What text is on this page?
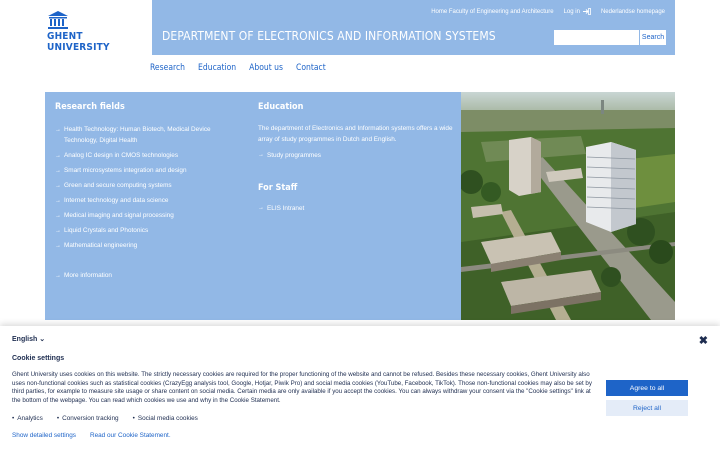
GHENT
UNIVERSITY
Home Faculty of Engineering and Architecture Log in	Nederlandse homepage
DEPARTMENT OF ELECTRONICS AND INFORMATION SYSTEMS	Search
Research Education About us Contact
Research fields
→ Health Technology: Human Biotech, Medical Device Technology, Digital Health
→ Analog IC design in CMOS technologies
→ Smart microsystems integration and design
→ Green and secure computing systems
→ Internet technology and data science
→ Medical imaging and signal processing
→ Liquid Crystals and Photonics
→ Mathematical engineering
→ More information
Education
The department of Electronics and Information systems offers a wide array of study programmes in Dutch and English.
→ Study programmes
For Staff
→ ELIS Intranet
English ⌄	✖
Cookie settings
Ghent University uses cookies on this website. The strictly necessary cookies are required for the proper functioning of the website and cannot be refused. Besides these necessary cookies, Ghent University also uses non-functional cookies such as statistical cookies (CrazyEgg analysis tool, Google, Hotjar, Piwik Pro) and social media cookies (YouTube, Facebook, TikTok). Those non-functional cookies may also be set by third parties, for example to measure site usage or share content on social media. Certain media are only available if you accept the cookies. You can always withdraw your consent via the "Cookie settings" link at the bottom of the webpage. You can read which cookies we use and why in the Cookie Statement.
• Analytics	• Conversion tracking	• Social media cookies
Show detailed settings Read our Cookie Statement.
Agree to all
Reject all
